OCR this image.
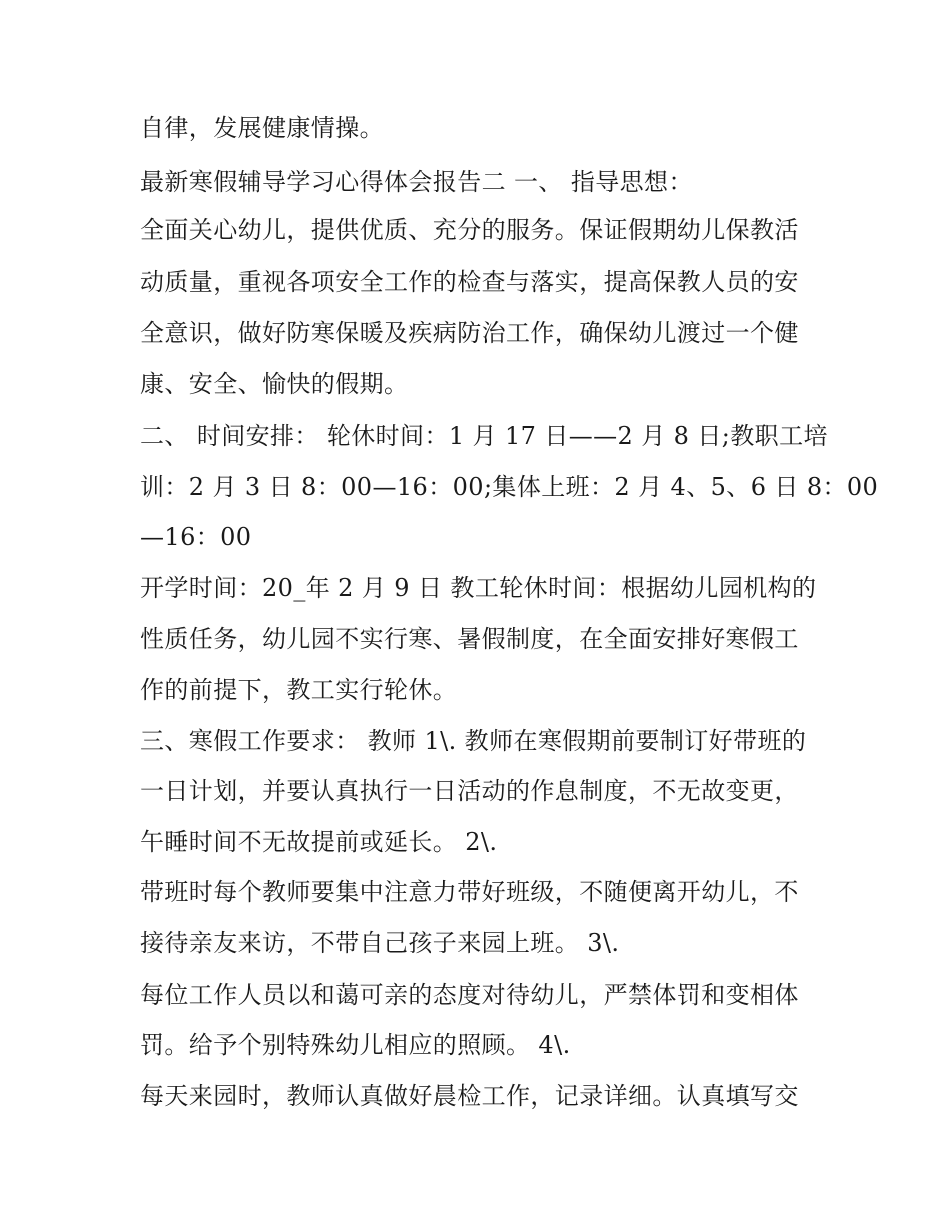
自律，发展健康情操。
最新寒假辅导学习心得体会报告二 一、 指导思想：
全面关心幼儿，提供优质、充分的服务。保证假期幼儿保教活
动质量，重视各项安全工作的检查与落实，提高保教人员的安
全意识，做好防寒保暖及疾病防治工作，确保幼儿渡过一个健
康、安全、愉快的假期。
二、 时间安排： 轮休时间：1 月 17 日——2 月 8 日;教职工培
训：2 月 3 日 8：00—16：00;集体上班：2 月 4、5、6 日 8：00
—16：00
开学时间：20_年 2 月 9 日 教工轮休时间：根据幼儿园机构的
性质任务，幼儿园不实行寒、暑假制度，在全面安排好寒假工
作的前提下，教工实行轮休。
三、寒假工作要求： 教师 1\. 教师在寒假期前要制订好带班的
一日计划，并要认真执行一日活动的作息制度，不无故变更，
午睡时间不无故提前或延长。 2\.
带班时每个教师要集中注意力带好班级，不随便离开幼儿，不
接待亲友来访，不带自己孩子来园上班。 3\.
每位工作人员以和蔼可亲的态度对待幼儿，严禁体罚和变相体
罚。给予个别特殊幼儿相应的照顾。 4\.
每天来园时，教师认真做好晨检工作，记录详细。认真填写交
